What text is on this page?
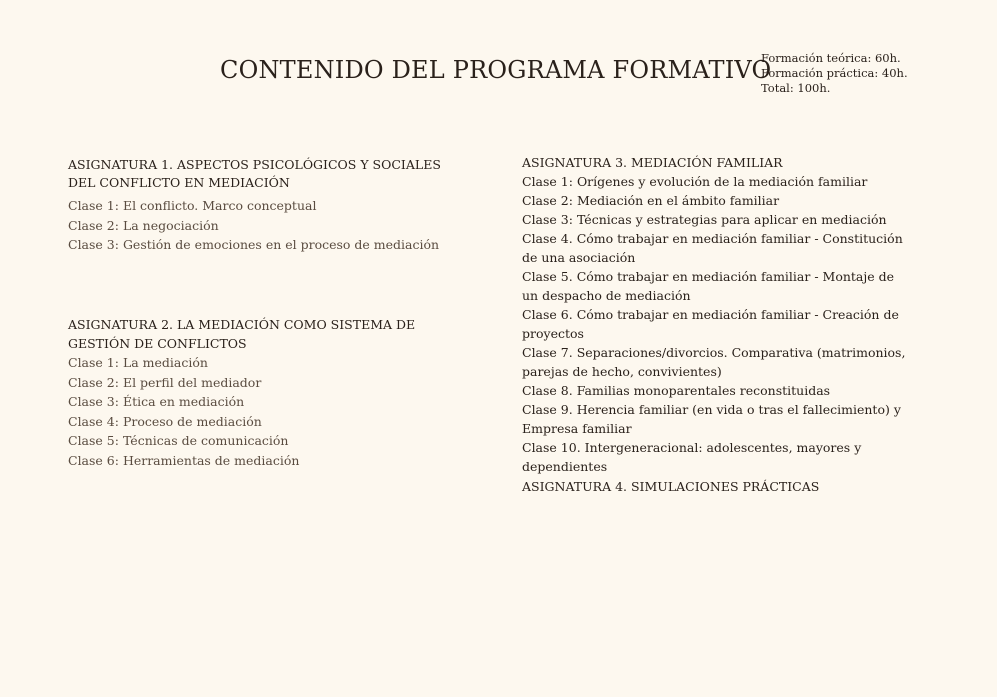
CONTENIDO DEL PROGRAMA FORMATIVO
Formación teórica: 60h.
Formación práctica: 40h.
Total: 100h.
ASIGNATURA 1. ASPECTOS PSICOLÓGICOS Y SOCIALES DEL CONFLICTO EN MEDIACIÓN
Clase 1: El conflicto. Marco conceptual
Clase 2: La negociación
Clase 3: Gestión de emociones en el proceso de mediación
ASIGNATURA 2. LA MEDIACIÓN COMO SISTEMA DE GESTIÓN DE CONFLICTOS
Clase 1: La mediación
Clase 2: El perfil del mediador
Clase 3: Ética en mediación
Clase 4: Proceso de mediación
Clase 5: Técnicas de comunicación
Clase 6: Herramientas de mediación
ASIGNATURA 3. MEDIACIÓN FAMILIAR
Clase 1: Orígenes y evolución de la mediación familiar
Clase 2: Mediación en el ámbito familiar
Clase 3: Técnicas y estrategias para aplicar en mediación
Clase 4. Cómo trabajar en mediación familiar - Constitución de una asociación
Clase 5. Cómo trabajar en mediación familiar - Montaje de un despacho de mediación
Clase 6. Cómo trabajar en mediación familiar - Creación de proyectos
Clase 7. Separaciones/divorcios. Comparativa (matrimonios, parejas de hecho, convivientes)
Clase 8. Familias monoparentales reconstituidas
Clase 9. Herencia familiar (en vida o tras el fallecimiento) y Empresa familiar
Clase 10. Intergeneracional: adolescentes, mayores y dependientes
ASIGNATURA 4. SIMULACIONES PRÁCTICAS
